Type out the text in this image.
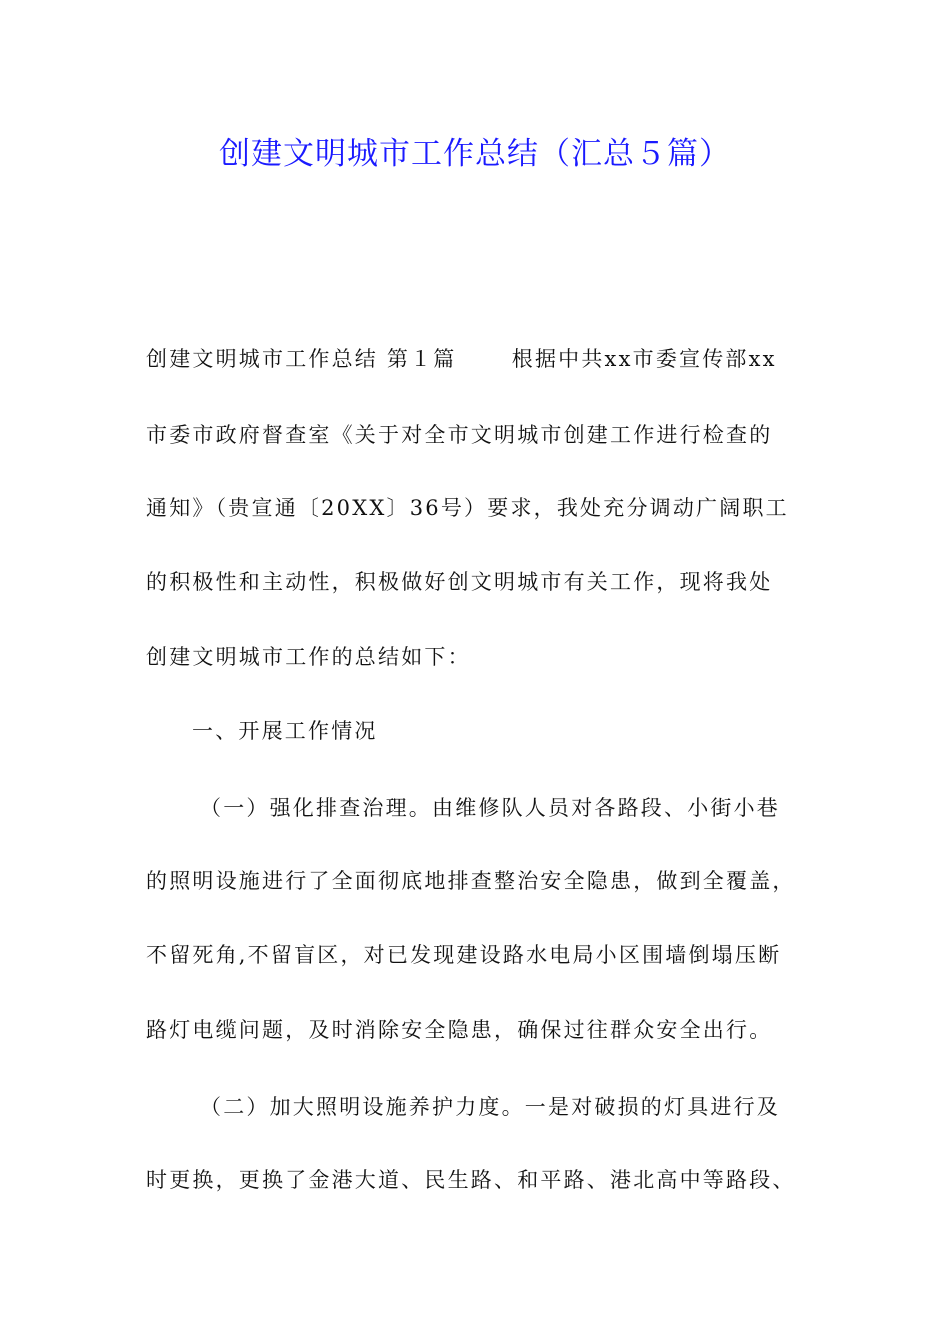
创建文明城市工作总结（汇总５篇）
创建文明城市工作总结 第１篇　　 根据中共xx市委宣传部xx
市委市政府督查室《关于对全市文明城市创建工作进行检查的
通知》（贵宣通〔20XX〕36号）要求，我处充分调动广阔职工
的积极性和主动性，积极做好创文明城市有关工作，现将我处
创建文明城市工作的总结如下：
一、开展工作情况
（一）强化排查治理。由维修队人员对各路段、小街小巷
的照明设施进行了全面彻底地排查整治安全隐患，做到全覆盖，
不留死角,不留盲区，对已发现建设路水电局小区围墙倒塌压断
路灯电缆问题，及时消除安全隐患，确保过往群众安全出行。
（二）加大照明设施养护力度。一是对破损的灯具进行及
时更换，更换了金港大道、民生路、和平路、港北高中等路段、
